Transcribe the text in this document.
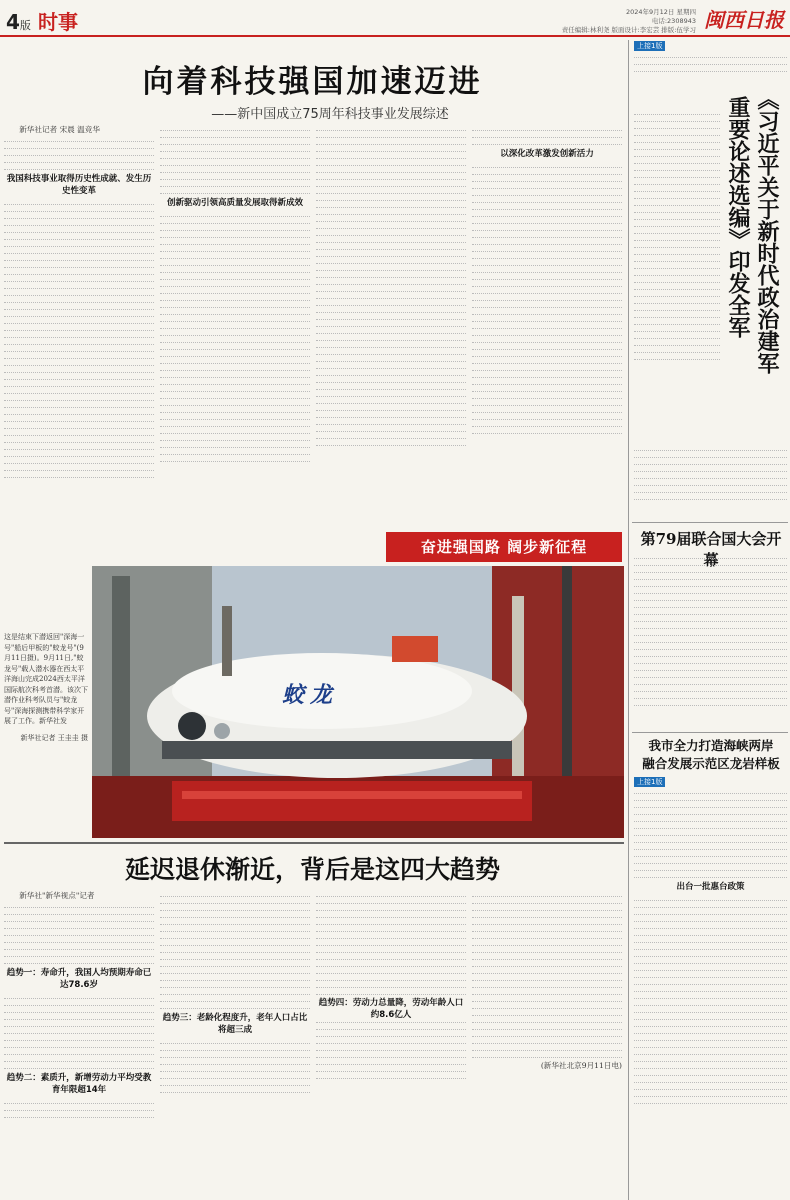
4版 时事	2024年9月12日 星期四
电话:2308943
责任编辑:林利尧 版面设计:李宏芸 排版:伍学习 闽西日报
向着科技强国加速迈进
——新中国成立75周年科技事业发展综述

新华社记者 宋晨 温竞华

我国科技事业取得历史性成就、发生历史性变革
创新驱动引领高质量发展取得新成效
以深化改革激发创新活力
奋进强国路 阔步新征程
蛟龙
这是结束下潜返回"深海一号"船后甲板的"蛟龙号"(9月11日摄)。9月11日,"蛟龙号"载人潜水器在西太平洋海山完成2024西太平洋国际航次科考首潜。该次下潜作业科考队员与"蛟龙号"深海探测携带科学家开展了工作。新华社发
新华社记者 王圭圭 摄

上接1版

《习近平关于新时代政治建军
重要论述选编》印发全军
第79届联合国大会开幕
我市全力打造海峡两岸
融合发展示范区龙岩样板

上接1版

出台一批惠台政策
延迟退休渐近，背后是这四大趋势

新华社"新华视点"记者

趋势一：寿命升，我国人均预期寿命已达78.6岁
趋势二：素质升，新增劳动力平均受教育年限超14年
趋势三：老龄化程度升，老年人口占比将超三成
(新华社北京9月11日电)
趋势四：劳动力总量降，劳动年龄人口约8.6亿人
